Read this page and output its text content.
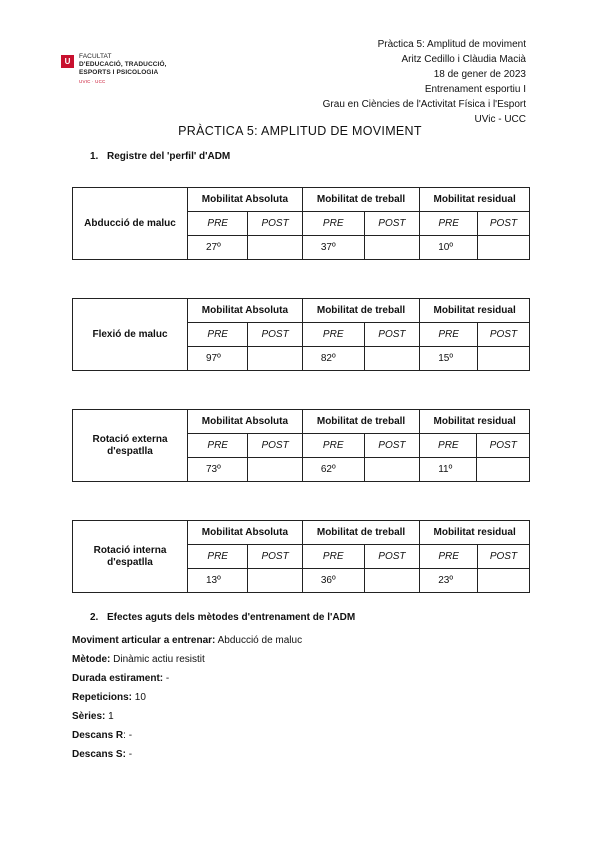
U
FACULTAT
D'EDUCACIÓ, TRADUCCIÓ,
ESPORTS I PSICOLOGIA
UVIC · UCC
Pràctica 5: Amplitud de moviment
Aritz Cedillo i Clàudia Macià
18 de gener de 2023
Entrenament esportiu I
Grau en Ciències de l'Activitat Física i l'Esport
UVic - UCC
PRÀCTICA 5: AMPLITUD DE MOVIMENT
1. Registre del 'perfil' d'ADM
Abducció de maluc	Mobilitat Absoluta		Mobilitat de treball		Mobilitat residual	
	PRE	POST	PRE	POST	PRE	POST
	27º		37º		10º	
Flexió de maluc	Mobilitat Absoluta		Mobilitat de treball		Mobilitat residual	
	PRE	POST	PRE	POST	PRE	POST
	97º		82º		15º	
Rotació externa
d'espatlla	Mobilitat Absoluta		Mobilitat de treball		Mobilitat residual	
	PRE	POST	PRE	POST	PRE	POST
	73º		62º		11º	
Rotació interna
d'espatlla	Mobilitat Absoluta		Mobilitat de treball		Mobilitat residual	
	PRE	POST	PRE	POST	PRE	POST
	13º		36º		23º	
2. Efectes aguts dels mètodes d'entrenament de l'ADM
Moviment articular a entrenar: Abducció de maluc
Mètode: Dinàmic actiu resistit
Durada estirament: -
Repeticions: 10
Sèries: 1
Descans R: -
Descans S: -
